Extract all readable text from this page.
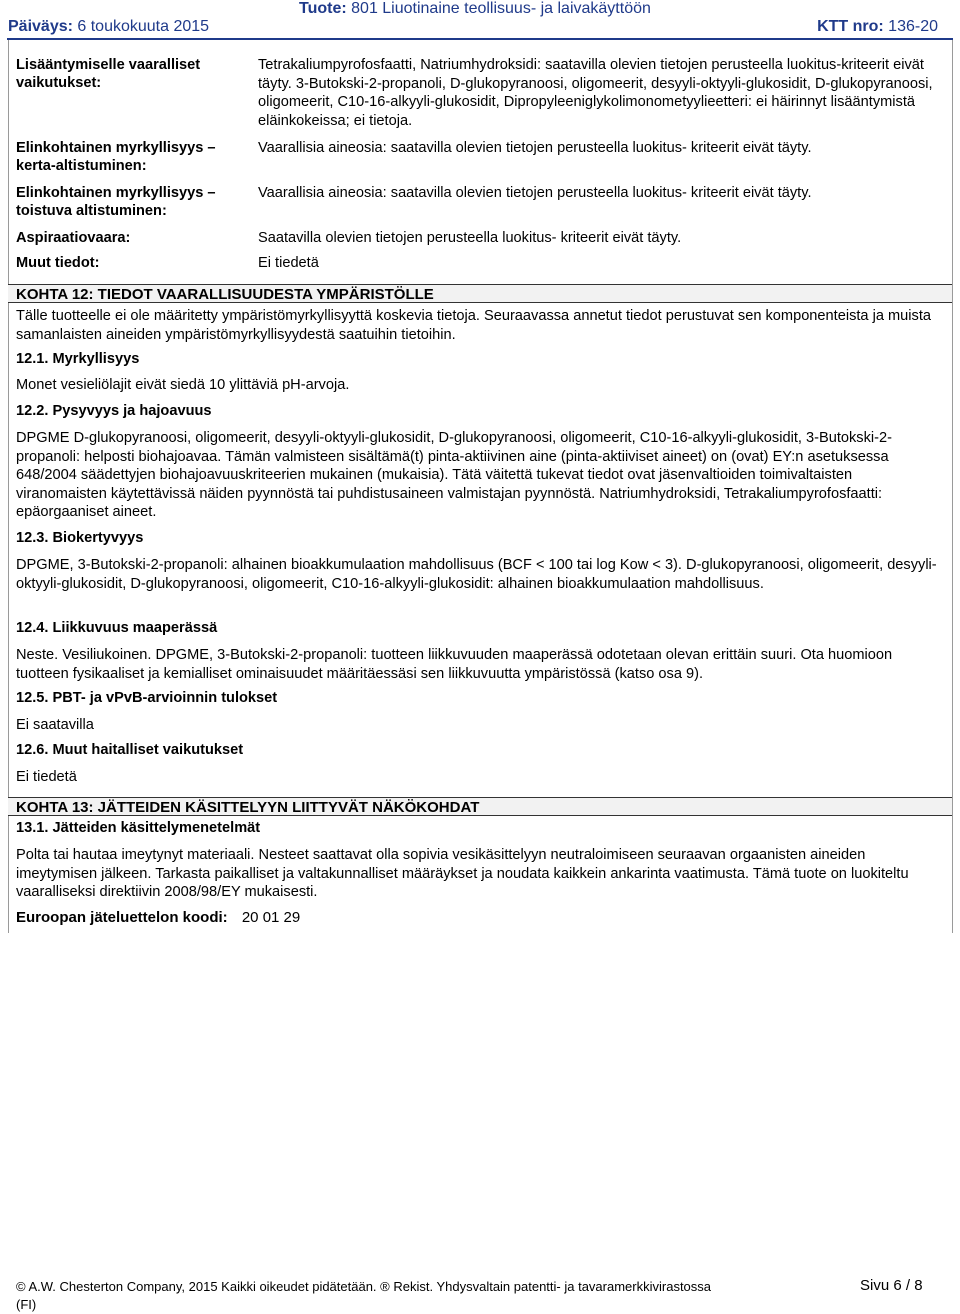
Päiväys: 6 toukokuuta 2015
Tuote: 801 Liuotinaine teollisuus- ja laivakäyttöön
KTT nro: 136-20
Lisääntymiselle vaaralliset vaikutukset:
Tetrakaliumpyrofosfaatti, Natriumhydroksidi: saatavilla olevien tietojen perusteella luokitus-kriteerit eivät täyty. 3-Butokski-2-propanoli, D-glukopyranoosi, oligomeerit, desyyli-oktyyli-glukosidit, D-glukopyranoosi, oligomeerit, C10-16-alkyyli-glukosidit, Dipropyleeniglykolimonometyylieetteri: ei häirinnyt lisääntymistä eläinkokeissa; ei tietoja.
Elinkohtainen myrkyllisyys – kerta-altistuminen:
Vaarallisia aineosia: saatavilla olevien tietojen perusteella luokitus- kriteerit eivät täyty.
Elinkohtainen myrkyllisyys – toistuva altistuminen:
Vaarallisia aineosia: saatavilla olevien tietojen perusteella luokitus- kriteerit eivät täyty.
Aspiraatiovaara:	Saatavilla olevien tietojen perusteella luokitus- kriteerit eivät täyty.
Muut tiedot:	Ei tiedetä
KOHTA 12: TIEDOT VAARALLISUUDESTA YMPÄRISTÖLLE
Tälle tuotteelle ei ole määritetty ympäristömyrkyllisyyttä koskevia tietoja. Seuraavassa annetut tiedot perustuvat sen komponenteista ja muista samanlaisten aineiden ympäristömyrkyllisyydestä saatuihin tietoihin.
12.1. Myrkyllisyys
Monet vesieliölajit eivät siedä 10 ylittäviä pH-arvoja.
12.2. Pysyvyys ja hajoavuus
DPGME D-glukopyranoosi, oligomeerit, desyyli-oktyyli-glukosidit, D-glukopyranoosi, oligomeerit, C10-16-alkyyli-glukosidit, 3-Butokski-2-propanoli: helposti biohajoavaa. Tämän valmisteen sisältämä(t) pinta-aktiivinen aine (pinta-aktiiviset aineet) on (ovat) EY:n asetuksessa 648/2004 säädettyjen biohajoavuuskriteerien mukainen (mukaisia). Tätä väitettä tukevat tiedot ovat jäsenvaltioiden toimivaltaisten viranomaisten käytettävissä näiden pyynnöstä tai puhdistusaineen valmistajan pyynnöstä. Natriumhydroksidi, Tetrakaliumpyrofosfaatti: epäorgaaniset aineet.
12.3. Biokertyvyys
DPGME, 3-Butokski-2-propanoli: alhainen bioakkumulaation mahdollisuus (BCF < 100 tai log Kow < 3). D-glukopyranoosi, oligomeerit, desyyli-oktyyli-glukosidit, D-glukopyranoosi, oligomeerit, C10-16-alkyyli-glukosidit: alhainen bioakkumulaation mahdollisuus.
12.4. Liikkuvuus maaperässä
Neste. Vesiliukoinen. DPGME, 3-Butokski-2-propanoli: tuotteen liikkuvuuden maaperässä odotetaan olevan erittäin suuri. Ota huomioon tuotteen fysikaaliset ja kemialliset ominaisuudet määritäessäsi sen liikkuvuutta ympäristössä (katso osa 9).
12.5. PBT- ja vPvB-arvioinnin tulokset
Ei saatavilla
12.6. Muut haitalliset vaikutukset
Ei tiedetä
KOHTA 13: JÄTTEIDEN KÄSITTELYYN LIITTYVÄT NÄKÖKOHDAT
13.1. Jätteiden käsittelymenetelmät
Polta tai hautaa imeytynyt materiaali. Nesteet saattavat olla sopivia vesikäsittelyyn neutraloimiseen seuraavan orgaanisten aineiden imeytymisen jälkeen. Tarkasta paikalliset ja valtakunnalliset määräykset ja noudata kaikkein ankarinta vaatimusta. Tämä tuote on luokiteltu vaaralliseksi direktiivin 2008/98/EY mukaisesti.
Euroopan jäteluettelon koodi: 20 01 29
© A.W. Chesterton Company, 2015 Kaikki oikeudet pidätetään. ® Rekist. Yhdysvaltain patentti- ja tavaramerkkivirastossa
(FI)
Sivu 6 / 8
